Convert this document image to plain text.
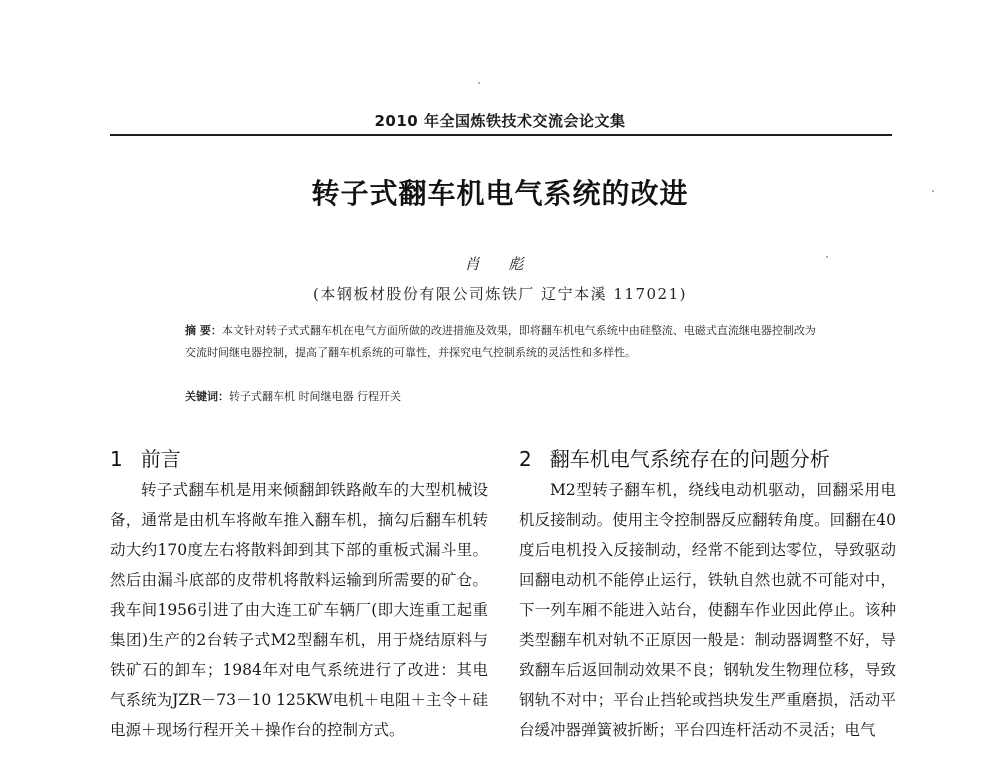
2010 年全国炼铁技术交流会论文集
转子式翻车机电气系统的改进
肖 彪
(本钢板材股份有限公司炼铁厂 辽宁本溪 117021)
摘 要：本文针对转子式式翻车机在电气方面所做的改进措施及效果，即将翻车机电气系统中由硅整流、电磁式直流继电器控制改为交流时间继电器控制，提高了翻车机系统的可靠性，并探究电气控制系统的灵活性和多样性。
关键词：转子式翻车机 时间继电器 行程开关
1 前言
转子式翻车机是用来倾翻卸铁路敞车的大型机械设备，通常是由机车将敞车推入翻车机，摘勾后翻车机转动大约170度左右将散料卸到其下部的重板式漏斗里。然后由漏斗底部的皮带机将散料运输到所需要的矿仓。我车间1956引进了由大连工矿车辆厂(即大连重工起重集团)生产的2台转子式M2型翻车机，用于烧结原料与铁矿石的卸车；1984年对电气系统进行了改进：其电气系统为JZR－73－10 125KW电机＋电阻＋主令＋硅电源＋现场行程开关＋操作台的控制方式。
2 翻车机电气系统存在的问题分析
M2型转子翻车机，绕线电动机驱动，回翻采用电机反接制动。使用主令控制器反应翻转角度。回翻在40度后电机投入反接制动，经常不能到达零位，导致驱动回翻电动机不能停止运行，铁轨自然也就不可能对中，下一列车厢不能进入站台，使翻车作业因此停止。该种类型翻车机对轨不正原因一般是：制动器调整不好，导致翻车后返回制动效果不良；钢轨发生物理位移，导致钢轨不对中；平台止挡轮或挡块发生严重磨损，活动平台缓冲器弹簧被折断；平台四连杆活动不灵活；电气
